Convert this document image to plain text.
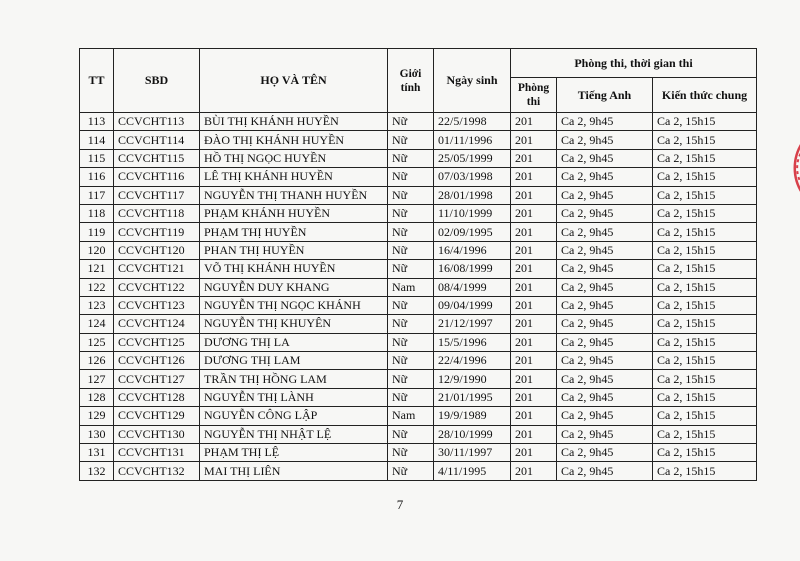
TT	SBD	HỌ VÀ TÊN	Giới tính	Ngày sinh	Phòng thi, thời gian thi		
					Phòng thi	Tiếng Anh	Kiến thức chung
113	CCVCHT113	BÙI THỊ KHÁNH HUYỀN	Nữ	22/5/1998	201	Ca 2, 9h45	Ca 2, 15h15
114	CCVCHT114	ĐÀO THỊ KHÁNH HUYỀN	Nữ	01/11/1996	201	Ca 2, 9h45	Ca 2, 15h15
115	CCVCHT115	HỒ THỊ NGỌC HUYỀN	Nữ	25/05/1999	201	Ca 2, 9h45	Ca 2, 15h15
116	CCVCHT116	LÊ THỊ KHÁNH HUYỀN	Nữ	07/03/1998	201	Ca 2, 9h45	Ca 2, 15h15
117	CCVCHT117	NGUYỄN THỊ THANH HUYỀN	Nữ	28/01/1998	201	Ca 2, 9h45	Ca 2, 15h15
118	CCVCHT118	PHẠM KHÁNH HUYỀN	Nữ	11/10/1999	201	Ca 2, 9h45	Ca 2, 15h15
119	CCVCHT119	PHẠM THỊ HUYỀN	Nữ	02/09/1995	201	Ca 2, 9h45	Ca 2, 15h15
120	CCVCHT120	PHAN THỊ HUYỀN	Nữ	16/4/1996	201	Ca 2, 9h45	Ca 2, 15h15
121	CCVCHT121	VÕ THỊ KHÁNH HUYỀN	Nữ	16/08/1999	201	Ca 2, 9h45	Ca 2, 15h15
122	CCVCHT122	NGUYỄN DUY KHANG	Nam	08/4/1999	201	Ca 2, 9h45	Ca 2, 15h15
123	CCVCHT123	NGUYỄN THỊ NGỌC KHÁNH	Nữ	09/04/1999	201	Ca 2, 9h45	Ca 2, 15h15
124	CCVCHT124	NGUYỄN THỊ KHUYÊN	Nữ	21/12/1997	201	Ca 2, 9h45	Ca 2, 15h15
125	CCVCHT125	DƯƠNG THỊ LA	Nữ	15/5/1996	201	Ca 2, 9h45	Ca 2, 15h15
126	CCVCHT126	DƯƠNG THỊ LAM	Nữ	22/4/1996	201	Ca 2, 9h45	Ca 2, 15h15
127	CCVCHT127	TRẦN THỊ HỒNG LAM	Nữ	12/9/1990	201	Ca 2, 9h45	Ca 2, 15h15
128	CCVCHT128	NGUYỄN THỊ LÀNH	Nữ	21/01/1995	201	Ca 2, 9h45	Ca 2, 15h15
129	CCVCHT129	NGUYỄN CÔNG LẬP	Nam	19/9/1989	201	Ca 2, 9h45	Ca 2, 15h15
130	CCVCHT130	NGUYỄN THỊ NHẬT LỆ	Nữ	28/10/1999	201	Ca 2, 9h45	Ca 2, 15h15
131	CCVCHT131	PHẠM THỊ LỆ	Nữ	30/11/1997	201	Ca 2, 9h45	Ca 2, 15h15
132	CCVCHT132	MAI THỊ LIÊN	Nữ	4/11/1995	201	Ca 2, 9h45	Ca 2, 15h15
7
